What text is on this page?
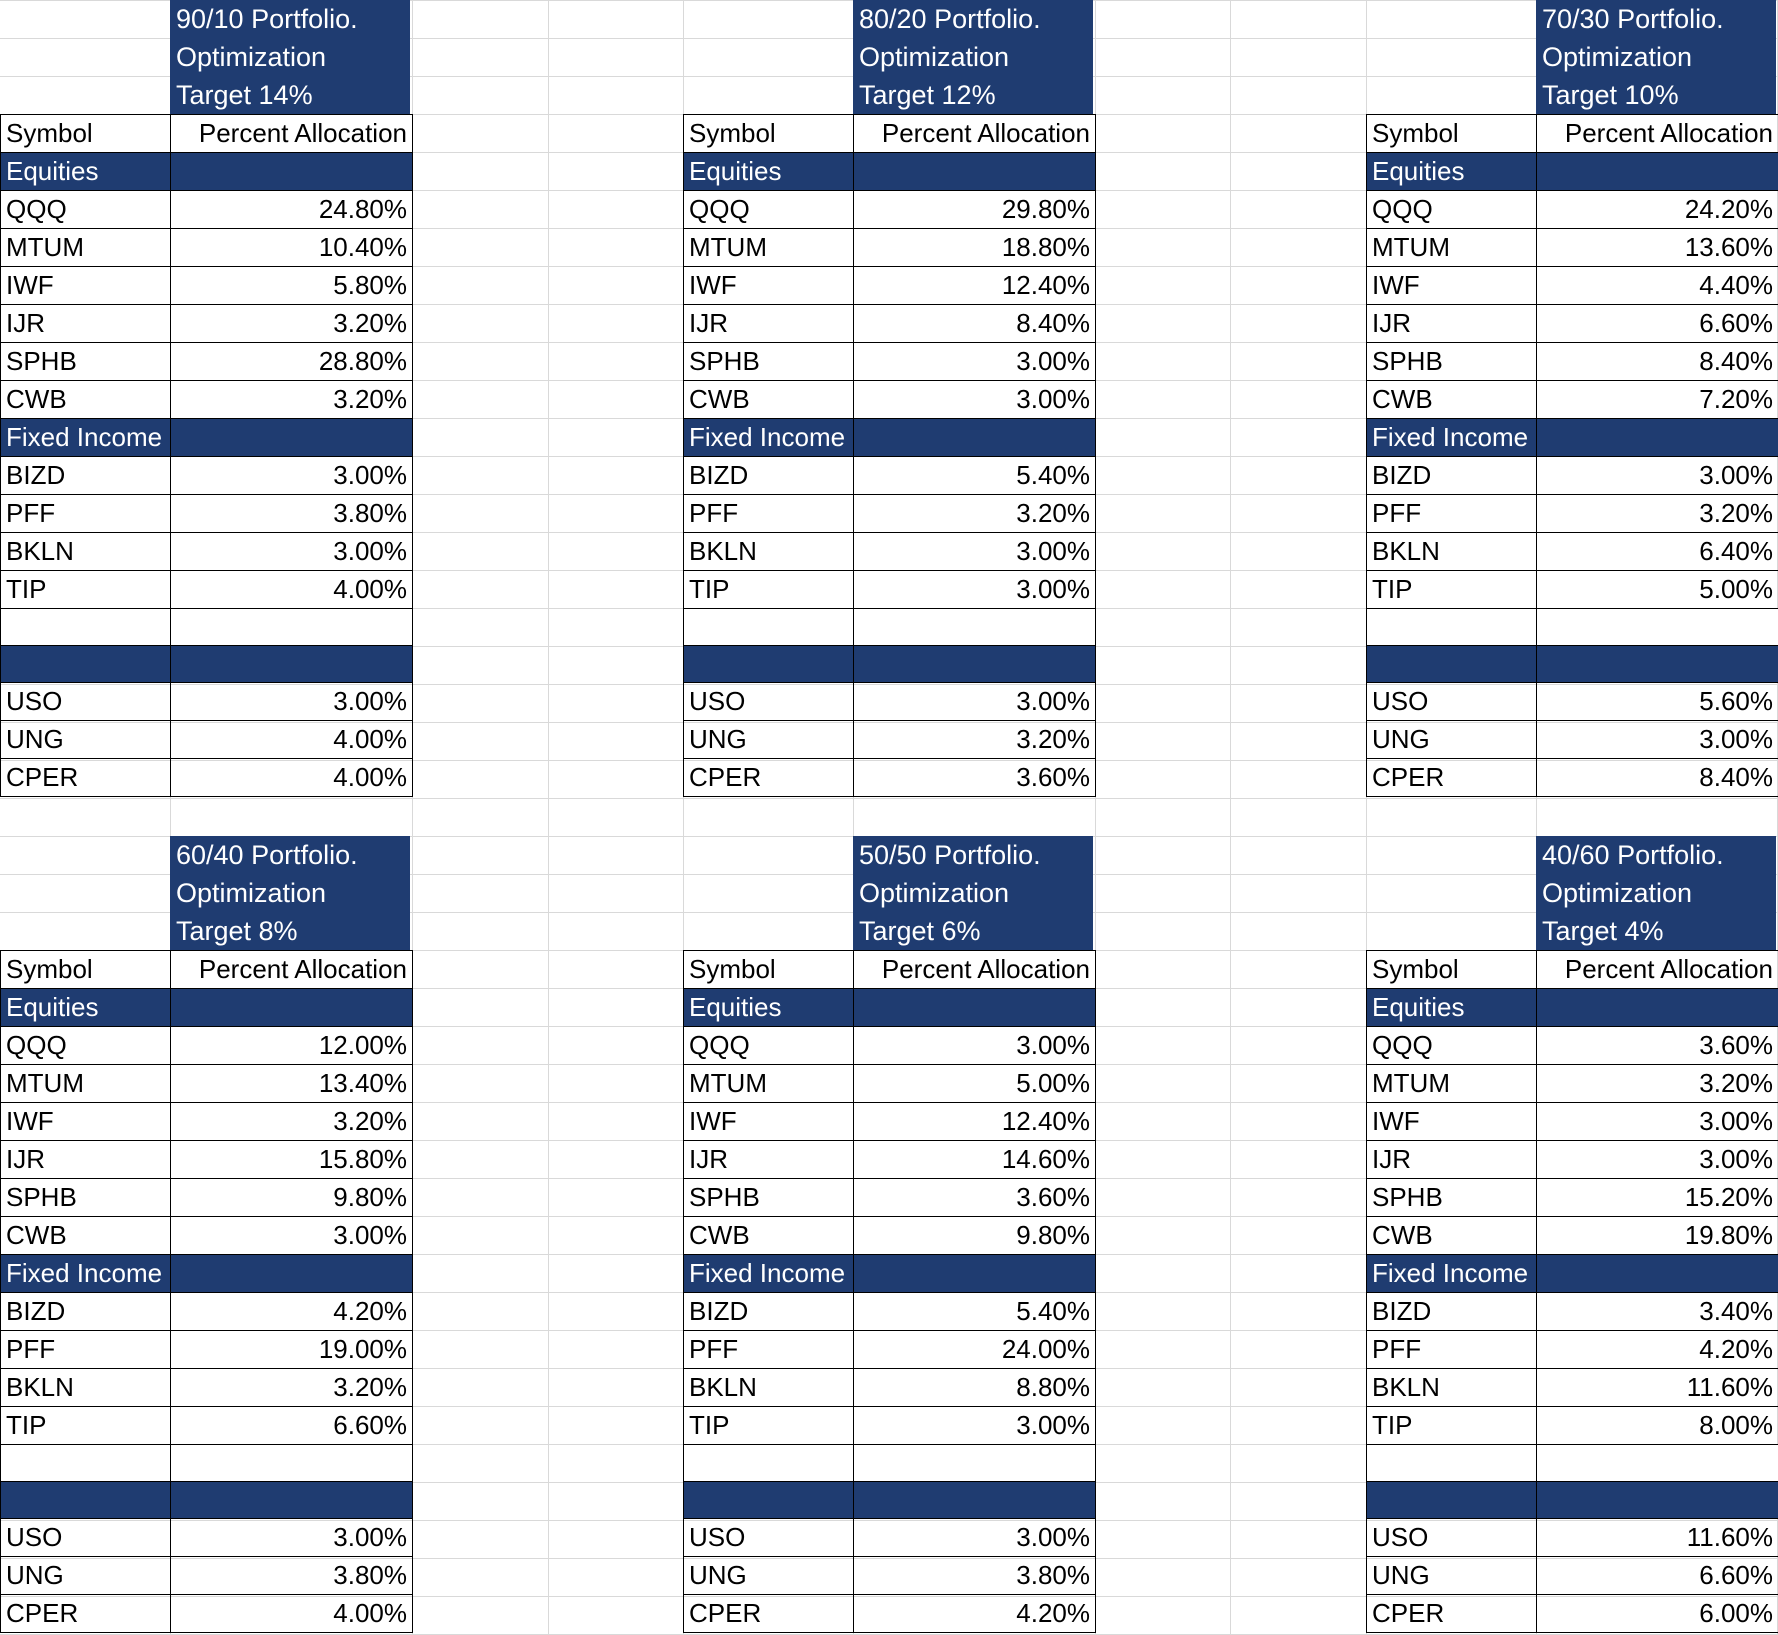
90/10 Portfolio.
Optimization
Target 14%
Symbol	Percent Allocation
Equities	
QQQ	24.80%
MTUM	10.40%
IWF	5.80%
IJR	3.20%
SPHB	28.80%
CWB	3.20%
Fixed Income	
BIZD	3.00%
PFF	3.80%
BKLN	3.00%
TIP	4.00%

USO	3.00%
UNG	4.00%
CPER	4.00%
80/20 Portfolio.
Optimization
Target 12%
Symbol	Percent Allocation
Equities	
QQQ	29.80%
MTUM	18.80%
IWF	12.40%
IJR	8.40%
SPHB	3.00%
CWB	3.00%
Fixed Income	
BIZD	5.40%
PFF	3.20%
BKLN	3.00%
TIP	3.00%

USO	3.00%
UNG	3.20%
CPER	3.60%
70/30 Portfolio.
Optimization
Target 10%
Symbol	Percent Allocation
Equities	
QQQ	24.20%
MTUM	13.60%
IWF	4.40%
IJR	6.60%
SPHB	8.40%
CWB	7.20%
Fixed Income	
BIZD	3.00%
PFF	3.20%
BKLN	6.40%
TIP	5.00%

USO	5.60%
UNG	3.00%
CPER	8.40%
60/40 Portfolio.
Optimization
Target 8%
Symbol	Percent Allocation
Equities	
QQQ	12.00%
MTUM	13.40%
IWF	3.20%
IJR	15.80%
SPHB	9.80%
CWB	3.00%
Fixed Income	
BIZD	4.20%
PFF	19.00%
BKLN	3.20%
TIP	6.60%

USO	3.00%
UNG	3.80%
CPER	4.00%
50/50 Portfolio.
Optimization
Target 6%
Symbol	Percent Allocation
Equities	
QQQ	3.00%
MTUM	5.00%
IWF	12.40%
IJR	14.60%
SPHB	3.60%
CWB	9.80%
Fixed Income	
BIZD	5.40%
PFF	24.00%
BKLN	8.80%
TIP	3.00%

USO	3.00%
UNG	3.80%
CPER	4.20%
40/60 Portfolio.
Optimization
Target 4%
Symbol	Percent Allocation
Equities	
QQQ	3.60%
MTUM	3.20%
IWF	3.00%
IJR	3.00%
SPHB	15.20%
CWB	19.80%
Fixed Income	
BIZD	3.40%
PFF	4.20%
BKLN	11.60%
TIP	8.00%

USO	11.60%
UNG	6.60%
CPER	6.00%
